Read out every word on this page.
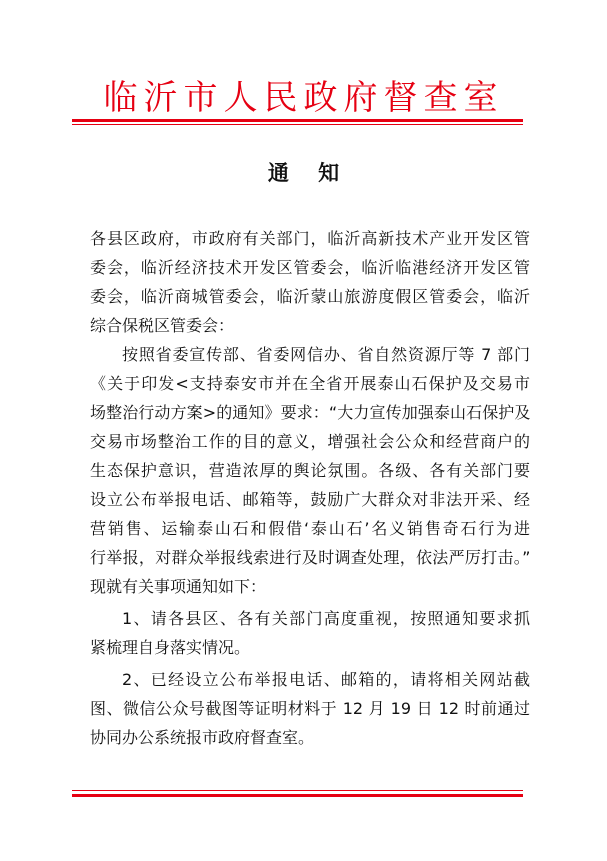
临沂市人民政府督查室
通    知
各县区政府，市政府有关部门，临沂高新技术产业开发区管
委会，临沂经济技术开发区管委会，临沂临港经济开发区管
委会，临沂商城管委会，临沂蒙山旅游度假区管委会，临沂
综合保税区管委会：
按照省委宣传部、省委网信办、省自然资源厅等 7 部门
《关于印发<支持泰安市并在全省开展泰山石保护及交易市
场整治行动方案>的通知》要求：“大力宣传加强泰山石保护及
交易市场整治工作的目的意义，增强社会公众和经营商户的
生态保护意识，营造浓厚的舆论氛围。各级、各有关部门要
设立公布举报电话、邮箱等，鼓励广大群众对非法开采、经
营销售、运输泰山石和假借‘泰山石’名义销售奇石行为进
行举报，对群众举报线索进行及时调查处理，依法严厉打击。”
现就有关事项通知如下：
1、请各县区、各有关部门高度重视，按照通知要求抓
紧梳理自身落实情况。
2、已经设立公布举报电话、邮箱的，请将相关网站截
图、微信公众号截图等证明材料于 12 月 19 日 12 时前通过
协同办公系统报市政府督查室。
